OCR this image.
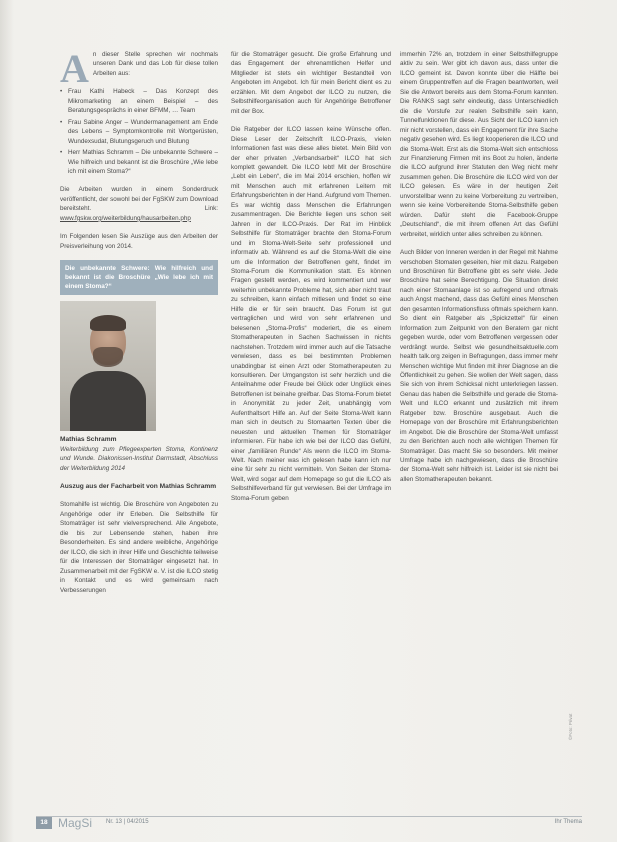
A n dieser Stelle sprechen wir nochmals unseren Dank und das Lob für diese tollen Arbeiten aus:

• Frau Kathi Habeck – Das Konzept des Mikromarketing an einem Beispiel – des Beratungsgesprächs in einer BFMM, … Team
• Frau Sabine Anger – Wundermanagement am Ende des Lebens – Symptomkontrolle mit Wortgerüsten, Wundexsudat, Blutungsgeruch und Blutung
• Herr Mathias Schramm – Die unbekannte Schwere – Wie hilfreich und bekannt ist die Broschüre „Wie lebe ich mit einem Stoma?“

Die Arbeiten wurden in einem Sonderdruck veröffentlicht, der sowohl bei der FgSKW zum Download bereitsteht. Link: www.fgskw.org/weiterbildung/hausarbeiten.php

Im Folgenden lesen Sie Auszüge aus den Arbeiten der Preisverleihung von 2014.

Die unbekannte Schwere: Wie hilfreich und bekannt ist die Broschüre „Wie lebe ich mit einem Stoma?“
Mathias Schramm

Weiterbildung zum Pflegeexperten Stoma, Kontinenz und Wunde. Diakonissen-Institut Darmstadt, Abschluss der Weiterbildung 2014

Auszug aus der Facharbeit von Mathias Schramm

Stomahilfe ist wichtig. Die Broschüre von Angeboten zu Angehörige oder ihr Erleben. Die Selbsthilfe für Stomaträger ist sehr vielversprechend. Alle Angebote, die bis zur Lebensende stehen, haben ihre Besonderheiten. Es sind andere weibliche, Angehörige der ILCO, die sich in ihrer Hilfe und Geschichte teilweise für die Interessen der Stomaträger eingesetzt hat. In Zusammenarbeit mit der FgSKW e. V. ist die ILCO stetig in Kontakt und es wird gemeinsam nach Verbesserungen

für die Stomaträger gesucht. Die große Erfahrung und das Engagement der ehrenamtlichen Helfer und Mitglieder ist stets ein wichtiger Bestandteil von Angeboten im Angebot. Ich für mein Bericht dient es zu erzählen. Mit dem Angebot der ILCO zu nutzen, die Selbsthilfeorganisation auch für Angehörige Betroffener mit der Box.

Die Ratgeber der ILCO lassen keine Wünsche offen. Diese Leser der Zeitschrift ILCO-Praxis, vielen Informationen fast was diese alles bietet. Mein Bild von der eher privaten „Verbandsarbeit“ ILCO hat sich komplett gewandelt. Die ILCO lebt! Mit der Broschüre „Lebt ein Leben“, die im Mai 2014 erschien, hoffen wir mit Menschen auch mit erfahrenen Leitern mit Erfahrungsberichten in der Hand. Aufgrund vom Themen. Es war wichtig dass Menschen die Erfahrungen zusammentragen. Die Berichte liegen uns schon seit Jahren in der ILCO-Praxis. Der Rat im Hinblick Selbsthilfe für Stomaträger brachte den Stoma-Forum und im Stoma-Welt-Seite sehr professionell und informativ ab. Während es auf die Stoma-Welt die eine um die Information der Betroffenen geht, findet im Stoma-Forum die Kommunikation statt. Es können Fragen gestellt werden, es wird kommentiert und wer weiterhin unbekannte Probleme hat, sich aber nicht traut zu schreiben, kann einfach mitlesen und findet so eine Hilfe die er für sein braucht. Das Forum ist gut vertraglichen und wird von sehr erfahrenen und belesenen „Stoma-Profis“ moderiert, die es einem Stomatherapeuten in Sachen Sachwissen in nichts nachstehen. Trotzdem wird immer auch auf die Tatsache verwiesen, dass es bei bestimmten Problemen unabdingbar ist einen Arzt oder Stomatherapeuten zu konsultieren. Der Umgangston ist sehr herzlich und die Anteilnahme oder Freude bei Glück oder Unglück eines Betroffenen ist beinahe greifbar. Das Stoma-Forum bietet in Anonymität zu jeder Zeit, unabhängig vom Aufenthaltsort Hilfe an. Auf der Seite Stoma-Welt kann man sich in deutsch zu Stomaarten Texten über die neuesten und aktuellen Themen für Stomaträger informieren. Für habe ich wie bei der ILCO das Gefühl, einer „familiären Runde“ Als wenn die ILCO im Stoma-Welt. Nach meiner was ich gelesen habe kann ich nur eine für sehr zu nicht vermitteln. Von Seiten der Stoma-Welt, wird sogar auf dem Homepage so gut die ILCO als Selbsthilfeverband für gut verwiesen. Bei der Umfrage im Stoma-Forum geben

immerhin 72% an, trotzdem in einer Selbsthilfegruppe aktiv zu sein. Wer gibt ich davon aus, dass unter die ILCO gemeint ist. Davon konnte über die Hälfte bei einem Gruppentreffen auf die Fragen beantworten, weil Sie die Antwort bereits aus dem Stoma-Forum kannten. Die RANKS sagt sehr eindeutig, dass Unterschiedlich die die Vorstufe zur realen Selbsthilfe sein kann, Tunnelfunktionen für diese. Aus Sicht der ILCO kann ich mir nicht vorstellen, dass ein Engagement für ihre Sache negativ gesehen wird. Es liegt kooperieren die ILCO und die Stoma-Welt. Erst als die Stoma-Welt sich entschloss zur Finanzierung Firmen mit ins Boot zu holen, änderte die ILCO aufgrund ihrer Statuten den Weg nicht mehr zusammen gehen. Die Broschüre die ILCO wird von der ILCO gelesen. Es wäre in der heutigen Zeit unvorstellbar wenn zu keine Vorbereitung zu vertreiben, wenn sie keine Vorbereitende Stoma-Selbsthilfe geben würden. Dafür steht die Facebook-Gruppe „Deutschland“, die mit ihrem offenen Art das Gefühl verbreitet, wirklich unter alles schreiben zu können.

Auch Bilder von Inneren werden in der Regel mit Nahme verschoben Stomaten geseiten, hier mit dazu. Ratgeben und Broschüren für Betroffene gibt es sehr viele. Jede Broschüre hat seine Berechtigung. Die Situation direkt nach einer Stomaanlage ist so aufregend und oftmals auch Angst machend, dass das Gefühl eines Menschen den gesamten Informationsfluss oftmals speichern kann. So dient ein Ratgeber als „Spickzettel“ für einen Information zum Zeitpunkt von den Beratern gar nicht gegeben wurde, oder vom Betroffenen vergessen oder verdrängt wurde. Selbst wie gesundheitsaktuelle.com health talk.org zeigen in Befragungen, dass immer mehr Menschen wichtige Mut finden mit ihrer Diagnose an die Öffentlichkeit zu gehen. Sie wollen der Welt sagen, dass Sie sich von ihrem Schicksal nicht unterkriegen lassen. Genau das haben die Selbsthilfe und gerade die Stoma-Welt und ILCO erkannt und zusätzlich mit ihrem Ratgeber bzw. Broschüre ausgebaut. Auch die Homepage von der Broschüre mit Erfahrungsberichten im Angebot. Die die Broschüre der Stoma-Welt umfasst zu den Berichten auch noch alle wichtigen Themen für Stomaträger. Das macht Sie so besonders. Mit meiner Umfrage habe ich nachgewiesen, dass die Broschüre der Stoma-Welt sehr hilfreich ist. Leider ist sie nicht bei allen Stomatherapeuten bekannt.

©Foto: Privat
18 MagSi Nr. 13 | 04/2015	Ihr Thema
